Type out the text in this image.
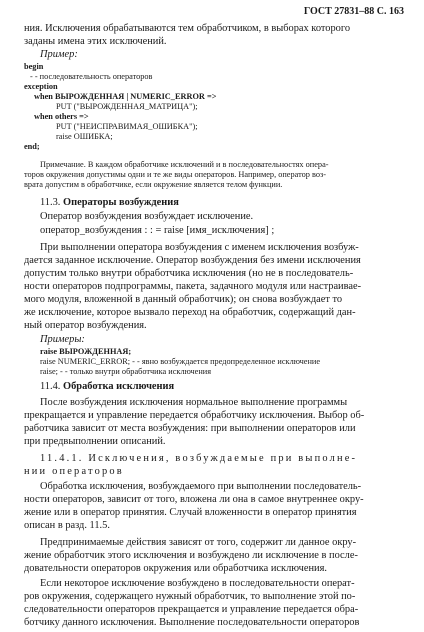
ГОСТ 27831–88 С. 163
ния. Исключения обрабатываются тем обработчиком, в выборах которого
заданы имена этих исключений.
Пример:
begin
- - последовательность операторов
exception
when ВЫРОЖДЕННАЯ | NUMERIC_ERROR =>
PUT ("ВЫРОЖДЕННАЯ_МАТРИЦА");
when others =>
PUT ("НЕИСПРАВИМАЯ_ОШИБКА");
raise ОШИБКА;
end;
Примечание. В каждом обработчике исключений и в последовательностях опера-
торов окружения допустимы одни и те же виды операторов. Например, оператор воз-
врата допустим в обработчике, если окружение является телом функции.
11.3. Операторы возбуждения
Оператор возбуждения возбуждает исключение.
оператор_возбуждения : : = raise [имя_исключения] ;
При выполнении оператора возбуждения с именем исключения возбуж-
дается заданное исключение. Оператор возбуждения без имени исключения
допустим только внутри обработчика исключения (но не в последователь-
ности операторов подпрограммы, пакета, задачного модуля или настраивае-
мого модуля, вложенной в данный обработчик); он снова возбуждает то
же исключение, которое вызвало переход на обработчик, содержащий дан-
ный оператор возбуждения.
Примеры:
raise ВЫРОЖДЕННАЯ;
raise NUMERIC_ERROR; - - явно возбуждается предопределенное исключение
raise; - - только внутри обработчика исключения
11.4. Обработка исключения
После возбуждения исключения нормальное выполнение программы
прекращается и управление передается обработчику исключения. Выбор об-
работчика зависит от места возбуждения: при выполнении операторов или
при предвыполнении описаний.
11.4.1. Исключения, возбуждаемые при выполне-
нии операторов
Обработка исключения, возбуждаемого при выполнении последователь-
ности операторов, зависит от того, вложена ли она в самое внутреннее окру-
жение или в оператор принятия. Случай вложенности в оператор принятия
описан в разд. 11.5.
Предпринимаемые действия зависят от того, содержит ли данное окру-
жение обработчик этого исключения и возбуждено ли исключение в после-
довательности операторов окружения или обработчика исключения.
Если некоторое исключение возбуждено в последовательности операт-
ров окружения, содержащего нужный обработчик, то выполнение этой по-
следовательности операторов прекращается и управление передается обра-
ботчику данного исключения. Выполнение последовательности операторов
